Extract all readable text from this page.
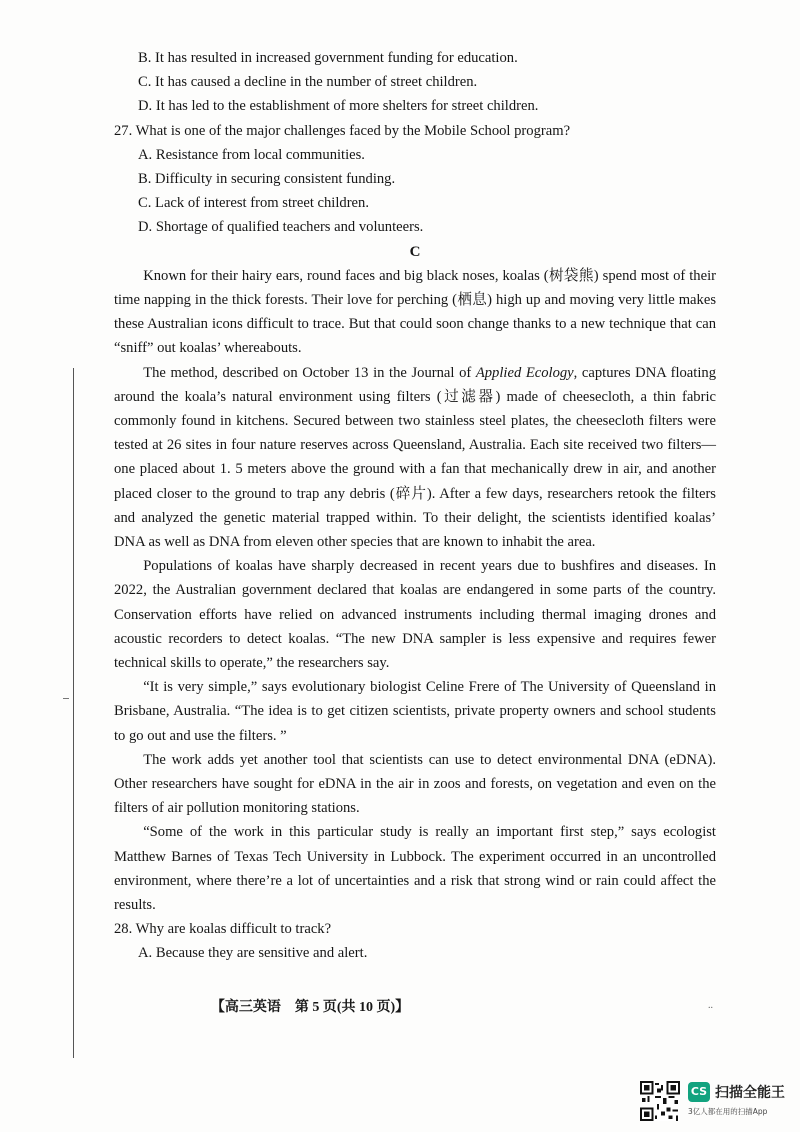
B. It has resulted in increased government funding for education.
C. It has caused a decline in the number of street children.
D. It has led to the establishment of more shelters for street children.
27. What is one of the major challenges faced by the Mobile School program?
A. Resistance from local communities.
B. Difficulty in securing consistent funding.
C. Lack of interest from street children.
D. Shortage of qualified teachers and volunteers.
C

Known for their hairy ears, round faces and big black noses, koalas (树袋熊) spend most of their time napping in the thick forests. Their love for perching (栖息) high up and moving very little makes these Australian icons difficult to trace. But that could soon change thanks to a new technique that can “sniff” out koalas’ whereabouts.

The method, described on October 13 in the Journal of Applied Ecology, captures DNA floating around the koala’s natural environment using filters (过滤器) made of cheesecloth, a thin fabric commonly found in kitchens. Secured between two stainless steel plates, the cheesecloth filters were tested at 26 sites in four nature reserves across Queensland, Australia. Each site received two filters—one placed about 1. 5 meters above the ground with a fan that mechanically drew in air, and another placed closer to the ground to trap any debris (碎片). After a few days, researchers retook the filters and analyzed the genetic material trapped within. To their delight, the scientists identified koalas’ DNA as well as DNA from eleven other species that are known to inhabit the area.

Populations of koalas have sharply decreased in recent years due to bushfires and diseases. In 2022, the Australian government declared that koalas are endangered in some parts of the country. Conservation efforts have relied on advanced instruments including thermal imaging drones and acoustic recorders to detect koalas. “The new DNA sampler is less expensive and requires fewer technical skills to operate,” the researchers say.

“It is very simple,” says evolutionary biologist Celine Frere of The University of Queensland in Brisbane, Australia. “The idea is to get citizen scientists, private property owners and school students to go out and use the filters. ”

The work adds yet another tool that scientists can use to detect environmental DNA (eDNA). Other researchers have sought for eDNA in the air in zoos and forests, on vegetation and even on the filters of air pollution monitoring stations.

“Some of the work in this particular study is really an important first step,” says ecologist Matthew Barnes of Texas Tech University in Lubbock. The experiment occurred in an uncontrolled environment, where there’re a lot of uncertainties and a risk that strong wind or rain could affect the results.

28. Why are koalas difficult to track?
A. Because they are sensitive and alert.
【高三英语　第 5 页(共 10 页)】	..
CS 扫描全能王
3亿人都在用的扫描App
